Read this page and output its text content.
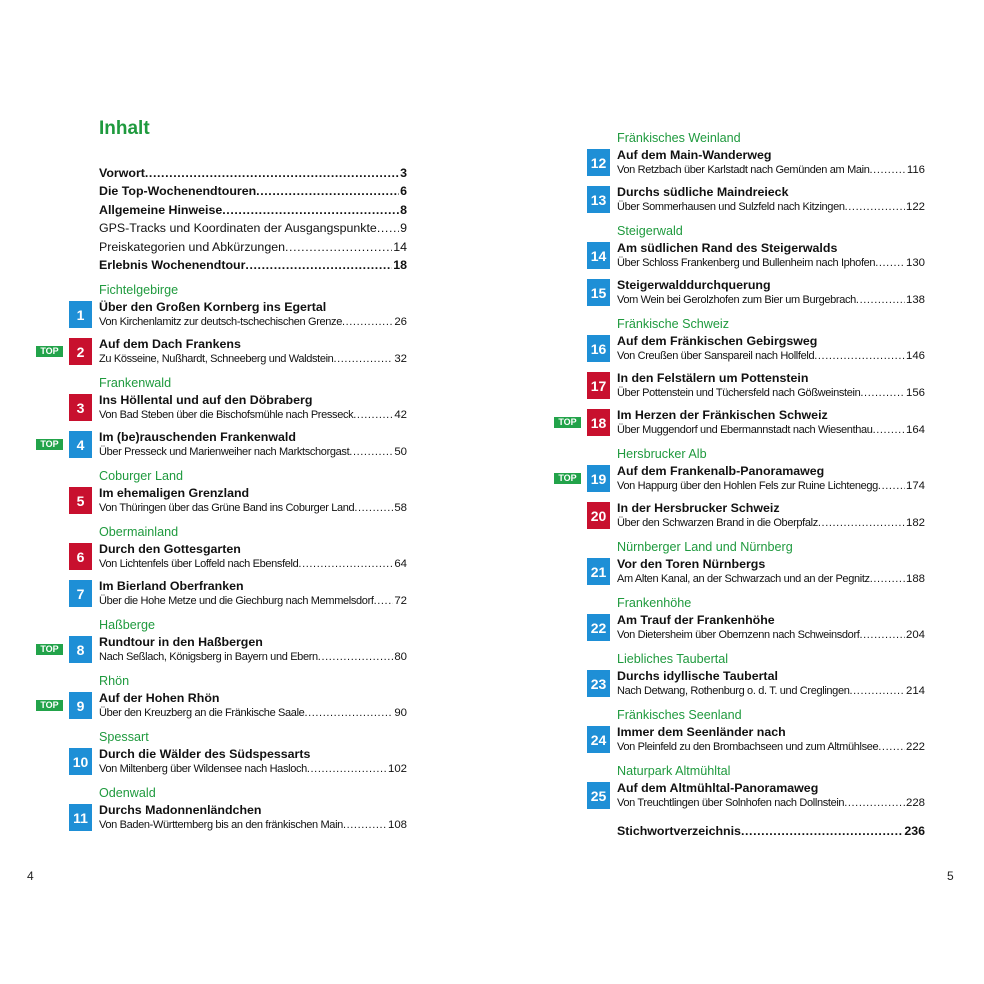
Inhalt
Vorwort .....	3
Die Top-Wochenendtouren .....	6
Allgemeine Hinweise .....	8
GPS-Tracks und Koordinaten der Ausgangspunkte ..... 9
Preiskategorien und Abkürzungen .....	14
Erlebnis Wochenendtour .....	18
Fichtelgebirge
1	Über den Großen Kornberg ins Egertal
Von Kirchenlamitz zur deutsch-tschechischen Grenze .....	26
TOP	2	Auf dem Dach Frankens
Zu Kösseine, Nußhardt, Schneeberg und Waldstein .....	32
Frankenwald
3	Ins Höllental und auf den Döbraberg
Von Bad Steben über die Bischofsmühle nach Presseck .....	42
TOP	4	Im (be)rauschenden Frankenwald
Über Presseck und Marienweiher nach Marktschorgast .....	50
Coburger Land
5	Im ehemaligen Grenzland
Von Thüringen über das Grüne Band ins Coburger Land .....	58
Obermainland
6	Durch den Gottesgarten
Von Lichtenfels über Loffeld nach Ebensfeld .....	64
7	Im Bierland Oberfranken
Über die Hohe Metze und die Giechburg nach Memmelsdorf ..... 72
Haßberge
TOP	8	Rundtour in den Haßbergen
Nach Seßlach, Königsberg in Bayern und Ebern .....	80
Rhön
TOP	9	Auf der Hohen Rhön
Über den Kreuzberg an die Fränkische Saale .....	90
Spessart
10 Durch die Wälder des Südspessarts
Von Miltenberg über Wildensee nach Hasloch .....	102
Odenwald
11 Durchs Madonnenländchen
Von Baden-Württemberg bis an den fränkischen Main .....	108
Fränkisches Weinland
12 Auf dem Main-Wanderweg
Von Retzbach über Karlstadt nach Gemünden am Main .....	116
13 Durchs südliche Maindreieck
Über Sommerhausen und Sulzfeld nach Kitzingen .....	122
Steigerwald
14 Am südlichen Rand des Steigerwalds
Über Schloss Frankenberg und Bullenheim nach Iphofen .....	130
15 Steigerwalddurchquerung
Vom Wein bei Gerolzhofen zum Bier um Burgebrach .....	138
Fränkische Schweiz
16 Auf dem Fränkischen Gebirgsweg
Von Creußen über Sanspareil nach Hollfeld .....	146
17 In den Felstälern um Pottenstein
Über Pottenstein und Tüchersfeld nach Gößweinstein .....	156
TOP	18 Im Herzen der Fränkischen Schweiz
Über Muggendorf und Ebermannstadt nach Wiesenthau .....	164
Hersbrucker Alb
TOP	19 Auf dem Frankenalb-Panoramaweg
Von Happurg über den Hohlen Fels zur Ruine Lichtenegg ..... 174
20 In der Hersbrucker Schweiz
Über den Schwarzen Brand in die Oberpfalz .....	182
Nürnberger Land und Nürnberg
21 Vor den Toren Nürnbergs
Am Alten Kanal, an der Schwarzach und an der Pegnitz .....	188
Frankenhöhe
22 Am Trauf der Frankenhöhe
Von Dietersheim über Obernzenn nach Schweinsdorf .....	204
Liebliches Taubertal
23 Durchs idyllische Taubertal
Nach Detwang, Rothenburg o. d. T. und Creglingen .....	214
Fränkisches Seenland
24 Immer dem Seenländer nach
Von Pleinfeld zu den Brombachseen und zum Altmühlsee ..... 222
Naturpark Altmühltal
25 Auf dem Altmühltal-Panoramaweg
Von Treuchtlingen über Solnhofen nach Dollnstein .....	228
Stichwortverzeichnis .....	236
4	5
